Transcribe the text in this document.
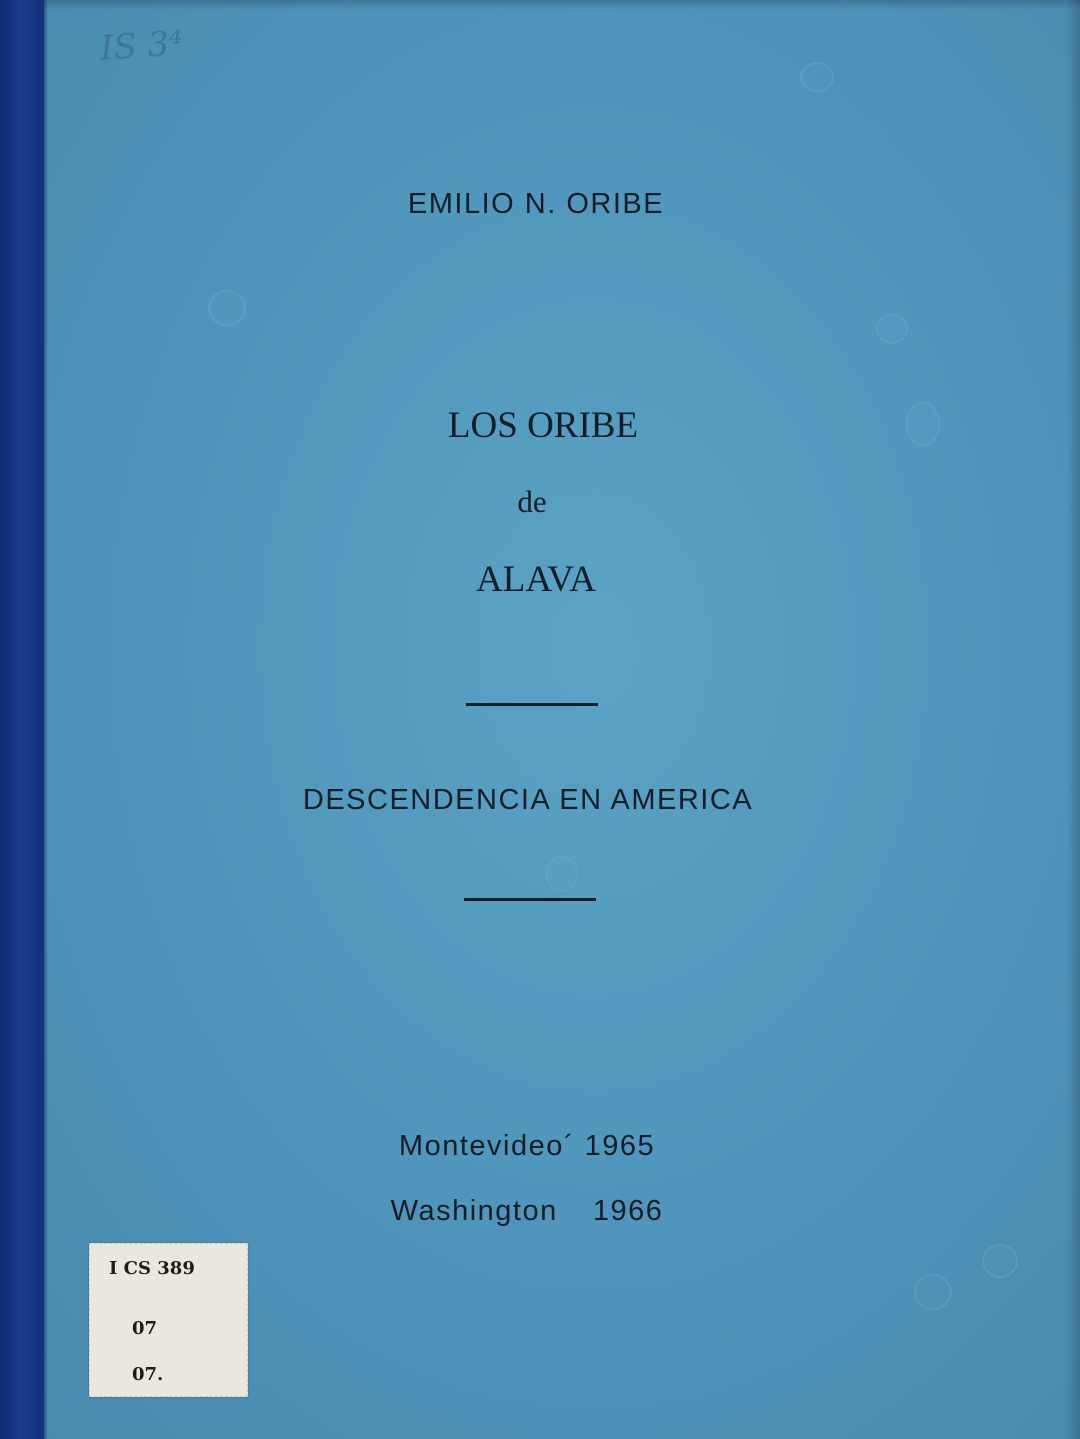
IS 3⁴
EMILIO N. ORIBE
LOS ORIBE
de
ALAVA
DESCENDENCIA EN AMERICA
Montevideo´ 1965
Washington  1966
I CS 389
07
07.
